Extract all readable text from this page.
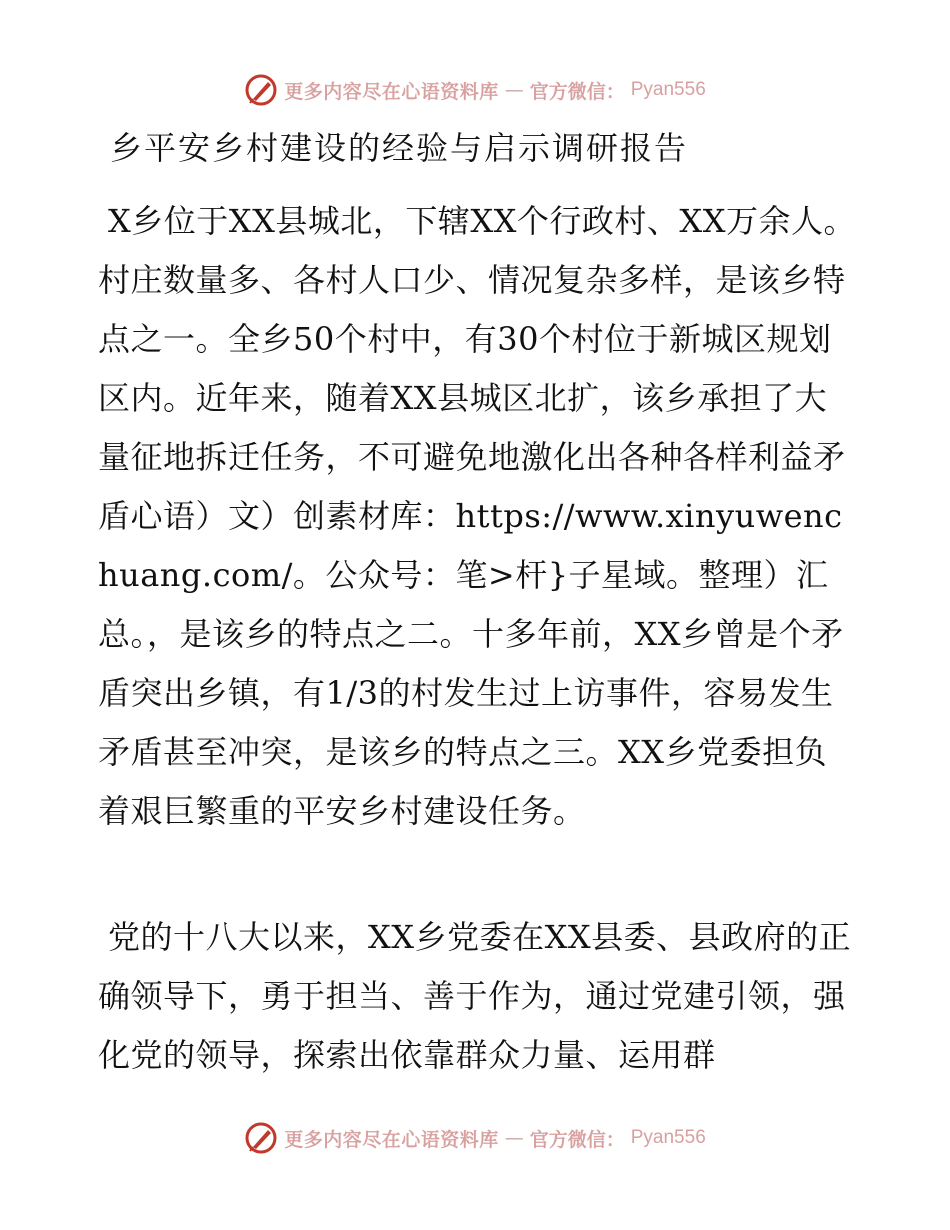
更多内容尽在心语资料库 — 官方微信： Pyan556
乡平安乡村建设的经验与启示调研报告

X乡位于XX县城北，下辖XX个行政村、XX万余人。村庄数量多、各村人口少、情况复杂多样，是该乡特点之一。全乡50个村中，有30个村位于新城区规划区内。近年来，随着XX县城区北扩，该乡承担了大量征地拆迁任务，不可避免地激化出各种各样利益矛盾心语）文）创素材库：https://www.xinyuwenchuang.com/。公众号：笔>杆}子星域。整理）汇总。，是该乡的特点之二。十多年前，XX乡曾是个矛盾突出乡镇，有1/3的村发生过上访事件，容易发生矛盾甚至冲突，是该乡的特点之三。XX乡党委担负着艰巨繁重的平安乡村建设任务。

党的十八大以来，XX乡党委在XX县委、县政府的正确领导下，勇于担当、善于作为，通过党建引领，强化党的领导，探索出依靠群众力量、运用群

更多内容尽在心语资料库 — 官方微信： Pyan556
